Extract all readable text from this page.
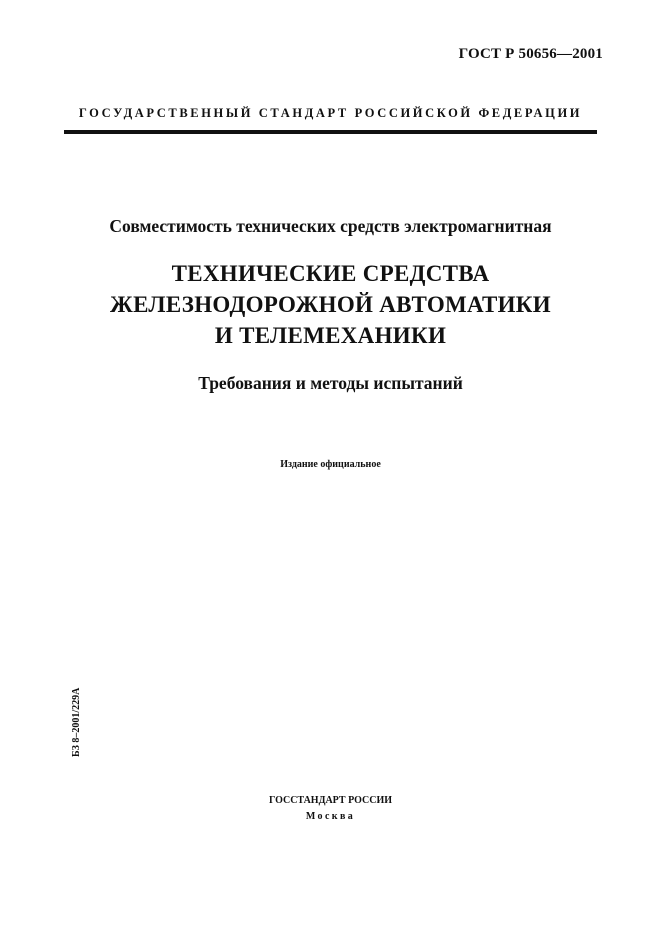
ГОСТ Р 50656—2001
ГОСУДАРСТВЕННЫЙ СТАНДАРТ РОССИЙСКОЙ ФЕДЕРАЦИИ
Совместимость технических средств электромагнитная
ТЕХНИЧЕСКИЕ СРЕДСТВА
ЖЕЛЕЗНОДОРОЖНОЙ АВТОМАТИКИ
И ТЕЛЕМЕХАНИКИ
Требования и методы испытаний
Издание официальное
БЗ 8–2001/229А
ГОССТАНДАРТ РОССИИ
Москва
